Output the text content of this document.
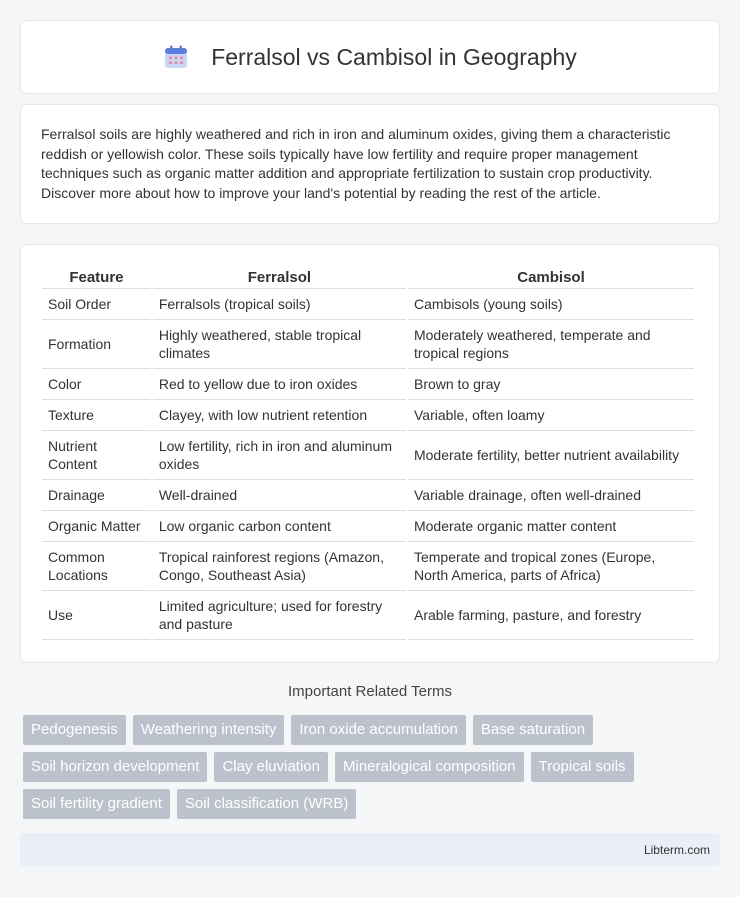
Ferralsol vs Cambisol in Geography

Ferralsol soils are highly weathered and rich in iron and aluminum oxides, giving them a characteristic reddish or yellowish color. These soils typically have low fertility and require proper management techniques such as organic matter addition and appropriate fertilization to sustain crop productivity. Discover more about how to improve your land's potential by reading the rest of the article.

Feature	Ferralsol	Cambisol
Soil Order	Ferralsols (tropical soils)	Cambisols (young soils)
Formation	Highly weathered, stable tropical climates	Moderately weathered, temperate and tropical regions
Color	Red to yellow due to iron oxides	Brown to gray
Texture	Clayey, with low nutrient retention	Variable, often loamy
Nutrient Content	Low fertility, rich in iron and aluminum oxides	Moderate fertility, better nutrient availability
Drainage	Well-drained	Variable drainage, often well-drained
Organic Matter	Low organic carbon content	Moderate organic matter content
Common Locations	Tropical rainforest regions (Amazon, Congo, Southeast Asia)	Temperate and tropical zones (Europe, North America, parts of Africa)
Use	Limited agriculture; used for forestry and pasture	Arable farming, pasture, and forestry
Important Related Terms
Pedogenesis	Weathering intensity	Iron oxide accumulation	Base saturation
Soil horizon development	Clay eluviation	Mineralogical composition	Tropical soils
Soil fertility gradient	Soil classification (WRB)
Libterm.com
